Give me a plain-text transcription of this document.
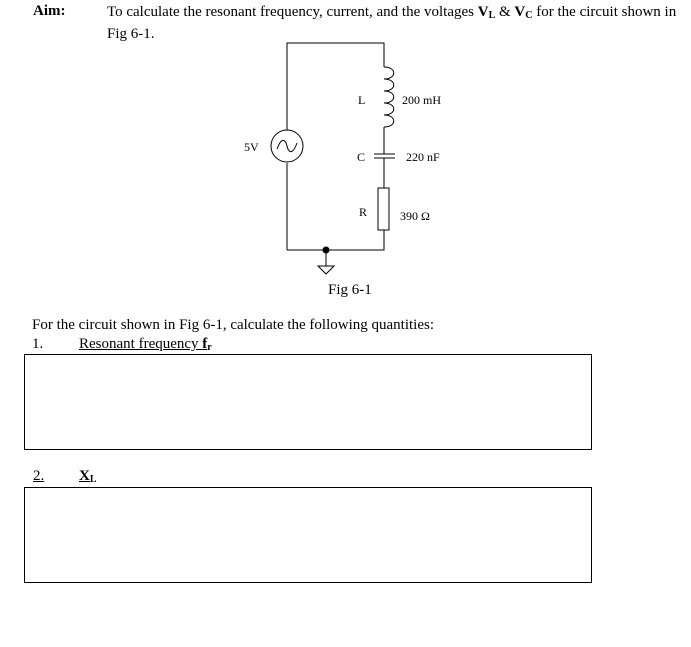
Aim:	To calculate the resonant frequency, current, and the voltages $V_L$ & $V_C$ for the circuit shown in Fig 6-1.
5V
L	200 mH
C	220 nF
R	390 Ω
Fig 6-1
For the circuit shown in Fig 6-1, calculate the following quantities:
1. Resonant frequency $f_r$
2. $X_L$
